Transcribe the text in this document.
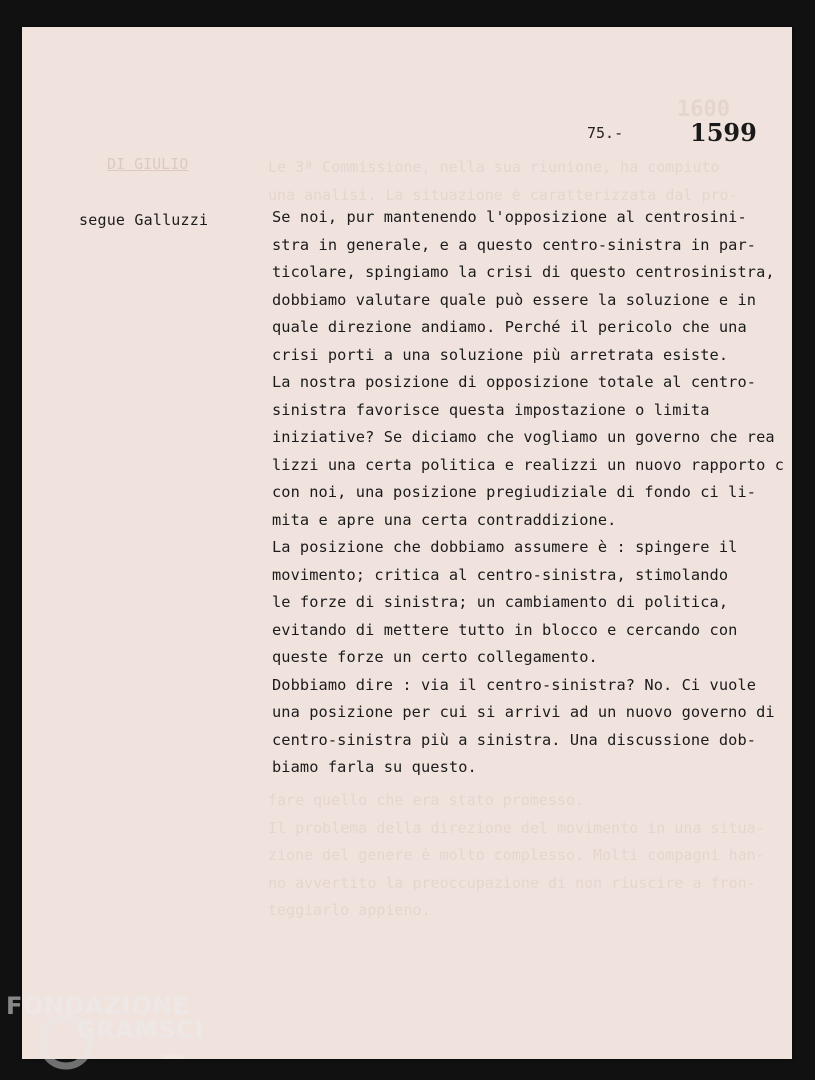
1600
DI GIULIO	Le 3ª Commissione, nella sua riunione, ha compiuto
una analisi. La situazione è caratterizzata dal pro-
fare quello che era stato promesso.
Il problema della direzione del movimento in una situa-
zione del genere è molto complesso. Molti compagni han-
no avvertito la preoccupazione di non riuscire a fron-
teggiarlo appieno.
75.-	1599
segue Galluzzi	Se noi, pur mantenendo l'opposizione al centrosini-
stra in generale, e a questo centro-sinistra in par-
ticolare, spingiamo la crisi di questo centrosinistra,
dobbiamo valutare quale può essere la soluzione e in
quale direzione andiamo. Perché il pericolo che una
crisi porti a una soluzione più arretrata esiste.
La nostra posizione di opposizione totale al centro-
sinistra favorisce questa impostazione o limita
iniziative? Se diciamo che vogliamo un governo che rea
lizzi una certa politica e realizzi un nuovo rapporto c
con noi, una posizione pregiudiziale di fondo ci li-
mita e apre una certa contraddizione.
La posizione che dobbiamo assumere è : spingere il
movimento; critica al centro-sinistra, stimolando
le forze di sinistra; un cambiamento di politica,
evitando di mettere tutto in blocco e cercando con
queste forze un certo collegamento.
Dobbiamo dire : via il centro-sinistra? No. Ci vuole
una posizione per cui si arrivi ad un nuovo governo di
centro-sinistra più a sinistra. Una discussione dob-
biamo farla su questo.
FONDAZIONE
GRAMSCI
onlus
